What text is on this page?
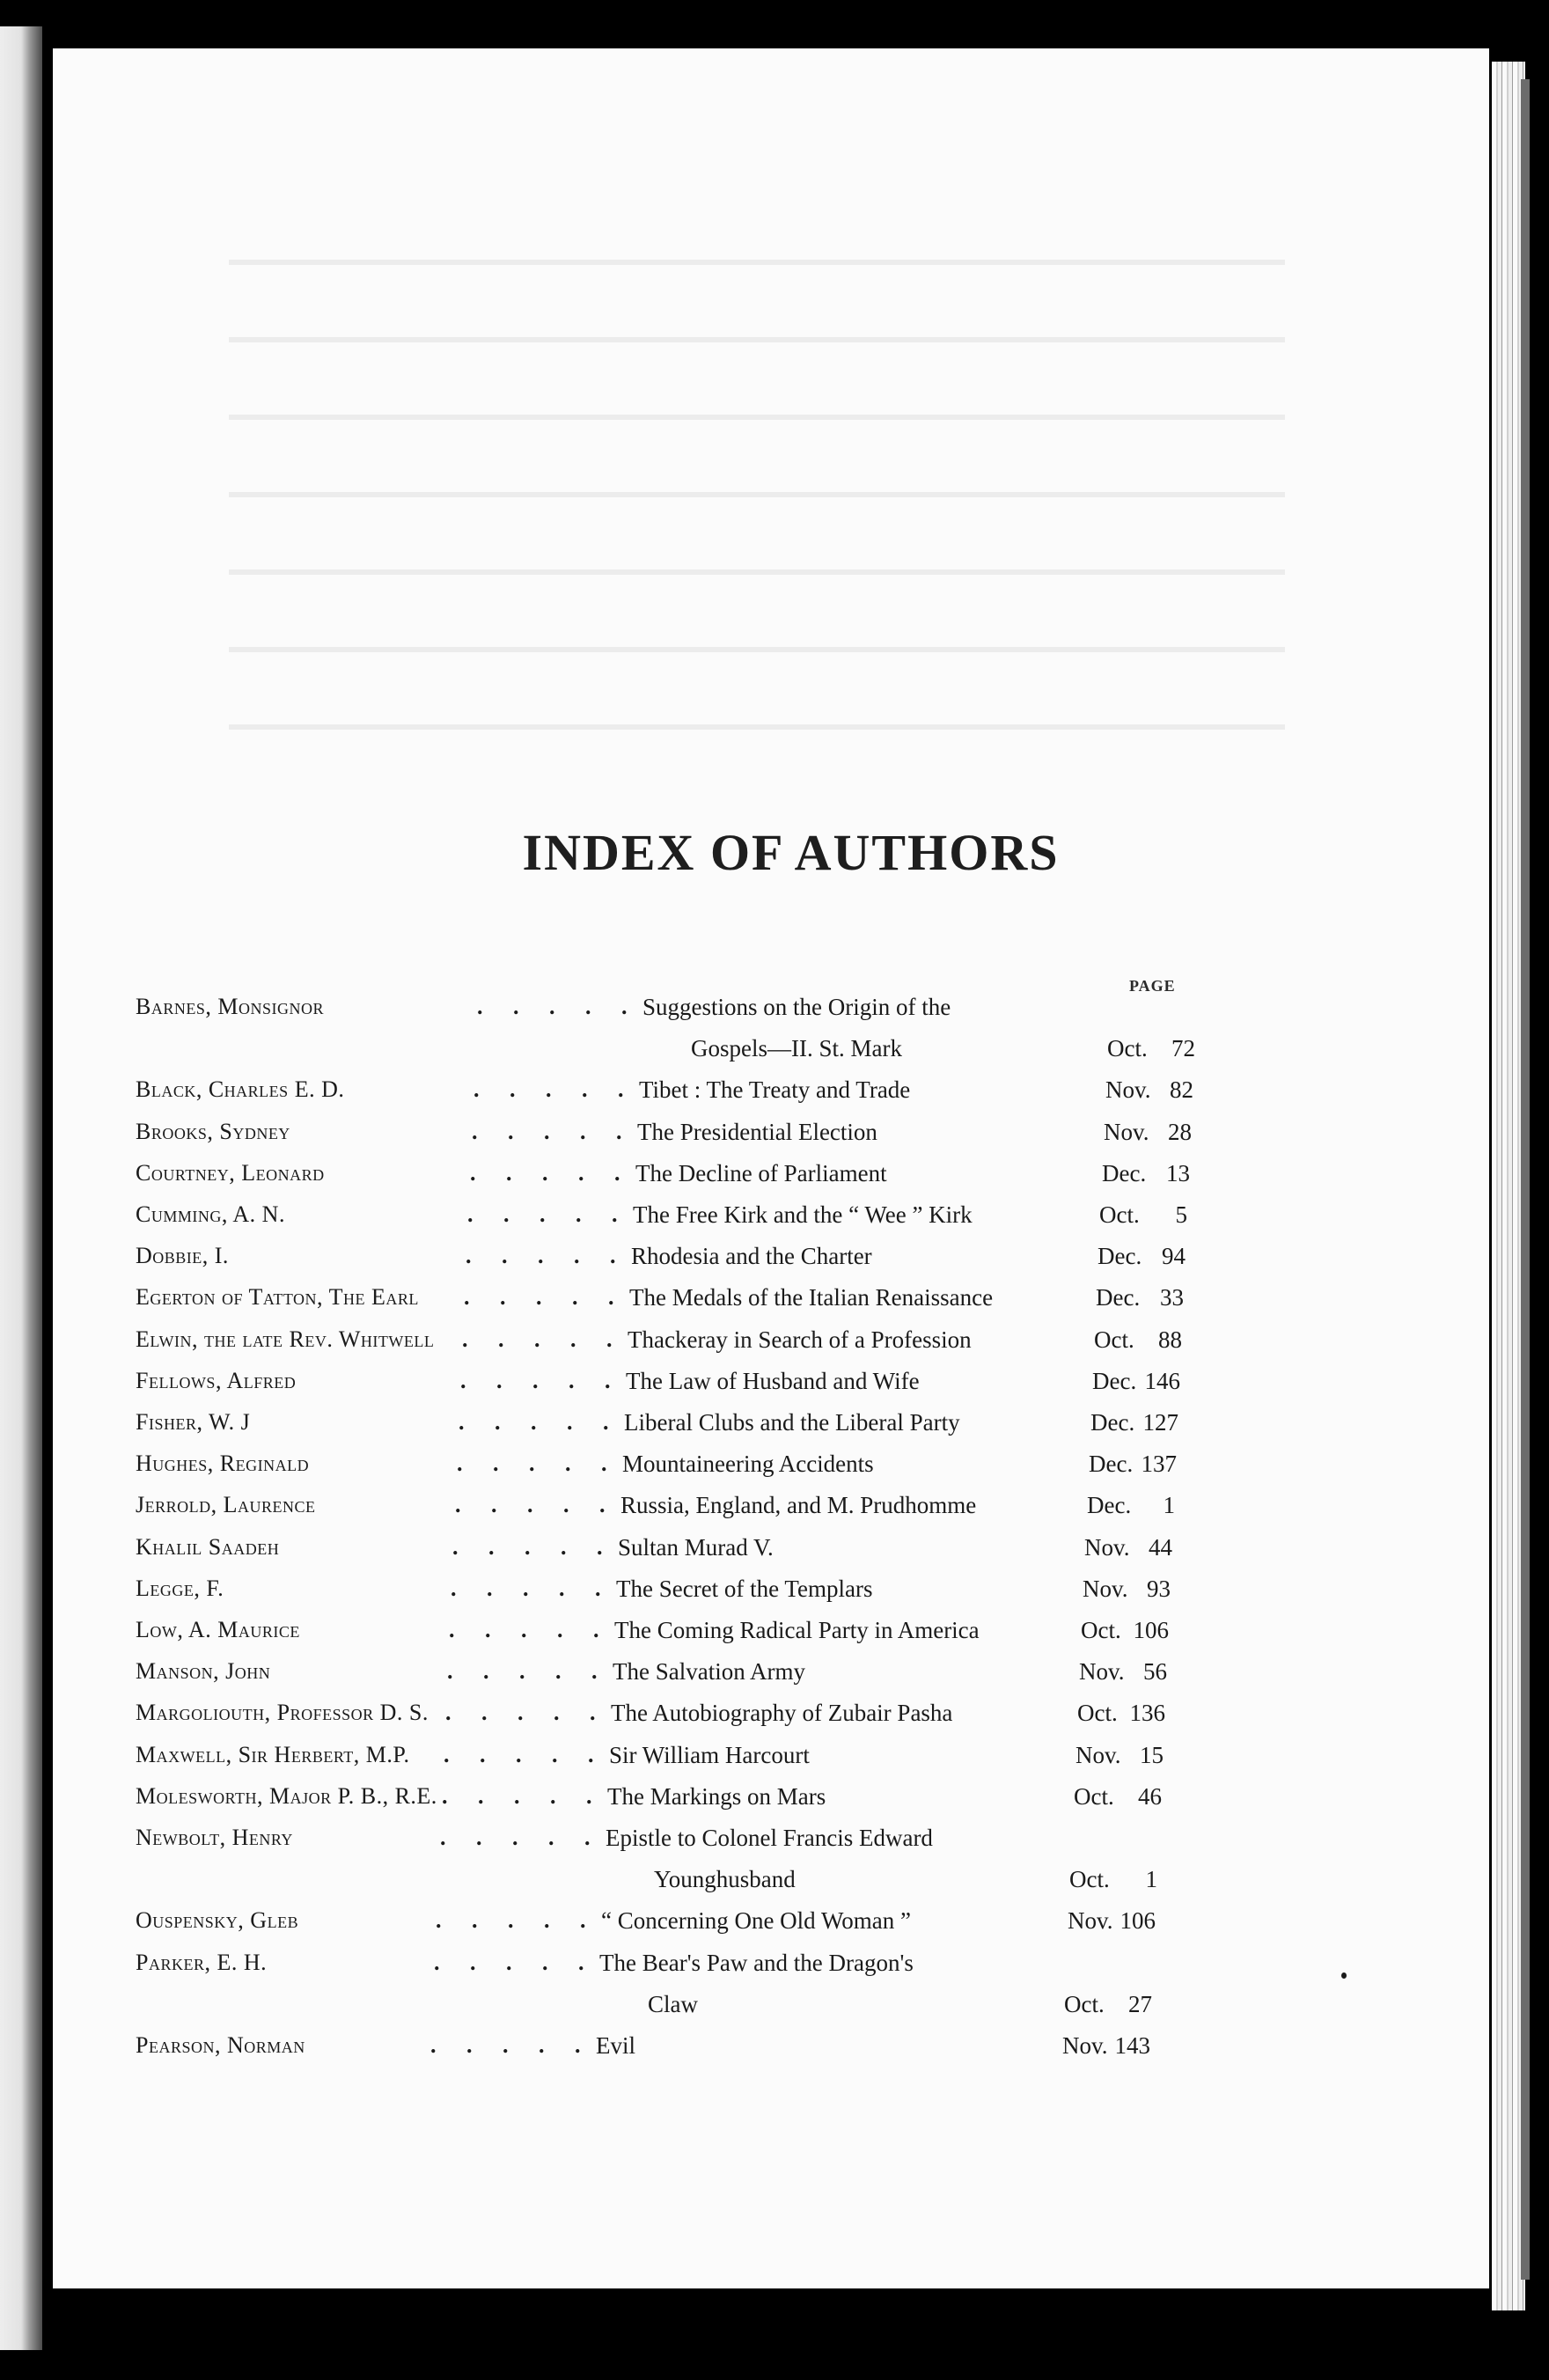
INDEX OF AUTHORS
PAGE
Barnes, Monsignor	. . . . . Suggestions on the Origin of the
Gospels—II. St. Mark	Oct.	72
Black, Charles E. D.	. . . . . Tibet : The Treaty and Trade	Nov. 82
Brooks, Sydney	. . . . . The Presidential Election	Nov. 28
Courtney, Leonard	. . . . . The Decline of Parliament	Dec. 13
Cumming, A. N.	. . . . . The Free Kirk and the “ Wee ” Kirk	Oct.	5
Dobbie, I.	. . . . . Rhodesia and the Charter	Dec. 94
Egerton of Tatton, The Earl . . . . . The Medals of the Italian Renaissance	Dec. 33
Elwin, the late Rev. Whitwell . . . . . Thackeray in Search of a Profession	Oct.	88
Fellows, Alfred	. . . . . The Law of Husband and Wife	Dec. 146
Fisher, W. J	. . . . . Liberal Clubs and the Liberal Party	Dec. 127
Hughes, Reginald	. . . . . Mountaineering Accidents	Dec. 137
Jerrold, Laurence	. . . . . Russia, England, and M. Prudhomme	Dec.	1
Khalil Saadeh	. . . . . Sultan Murad V.	Nov. 44
Legge, F.	. . . . . The Secret of the Templars	Nov. 93
Low, A. Maurice	. . . . . The Coming Radical Party in America	Oct. 106
Manson, John	. . . . . The Salvation Army	Nov. 56
Margoliouth, Professor D. S. . . . . . The Autobiography of Zubair Pasha	Oct. 136
Maxwell, Sir Herbert, M.P. . . . . . Sir William Harcourt	Nov. 15
Molesworth, Major P. B., R.E. . . . . . The Markings on Mars	Oct.	46
Newbolt, Henry	. . . . . Epistle to Colonel Francis Edward
Younghusband	Oct.	1
Ouspensky, Gleb	. . . . . “ Concerning One Old Woman ”	Nov. 106
Parker, E. H.	. . . . . The Bear's Paw and the Dragon's
Claw	Oct.	27
Pearson, Norman	. . . . . Evil	Nov. 143
